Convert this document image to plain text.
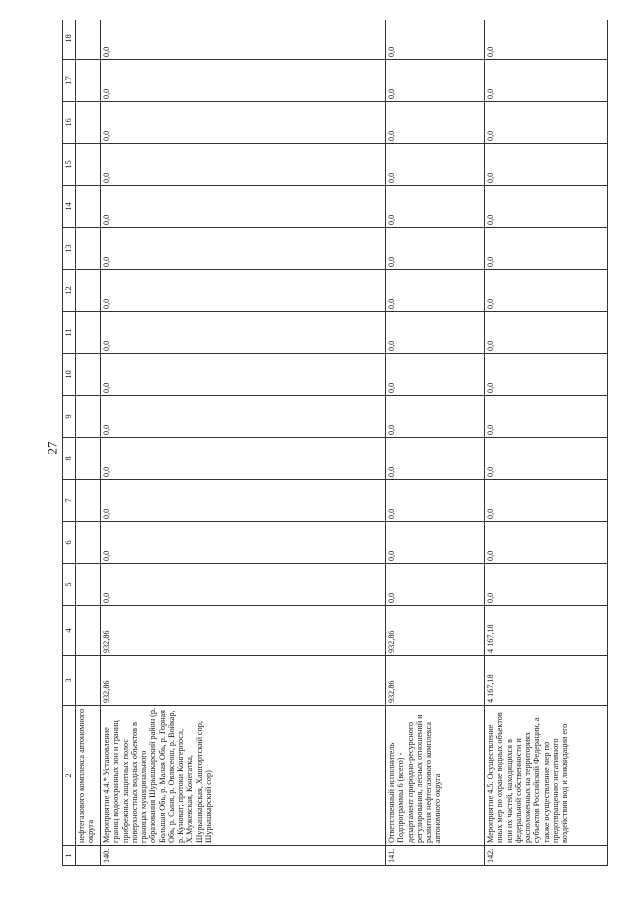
27
1	2	3	4	5	6	7	8	9	10	11	12	13	14	15	16	17	18
	нефтегазового комплекса автономного округа																
140.	Мероприятие 4.4.* Установление границ водоохранных зон и границ прибрежных защитных полос поверхностных водных объектов в границах муниципального образования Шурышкарский район (р. Большая Обь, р. Малая Обь, р. Горная Обь, р. Сыня, р. Овлвсеош, р. Войкар, р. Куноват; протоки Конгерпосл, Х.Мужевская, Конегатка, Шурышкарская, Хашгортский сор, Шурышкарский сор)	932,86	932,86	0,0	0,0	0,0	0,0	0,0	0,0	0,0	0,0	0,0	0,0	0,0	0,0	0,0	0,0
141.	Ответственный исполнитель Подпрограммы 6 (всего) - департамент природно-ресурсного регулирования, лесных отношений и развития нефтегазового комплекса автономного округа	932,86	932,86	0,0	0,0	0,0	0,0	0,0	0,0	0,0	0,0	0,0	0,0	0,0	0,0	0,0	0,0
142.	Мероприятие 4.5. Осуществление иных мер по охране водных объектов или их частей, находящихся в федеральной собственности и расположенных на территориях субъектов Российской Федерации, а также осуществление мер по предотвращению негативного воздействия вод и ликвидации его	4 167,18	4 167,18	0,0	0,0	0,0	0,0	0,0	0,0	0,0	0,0	0,0	0,0	0,0	0,0	0,0	0,0
